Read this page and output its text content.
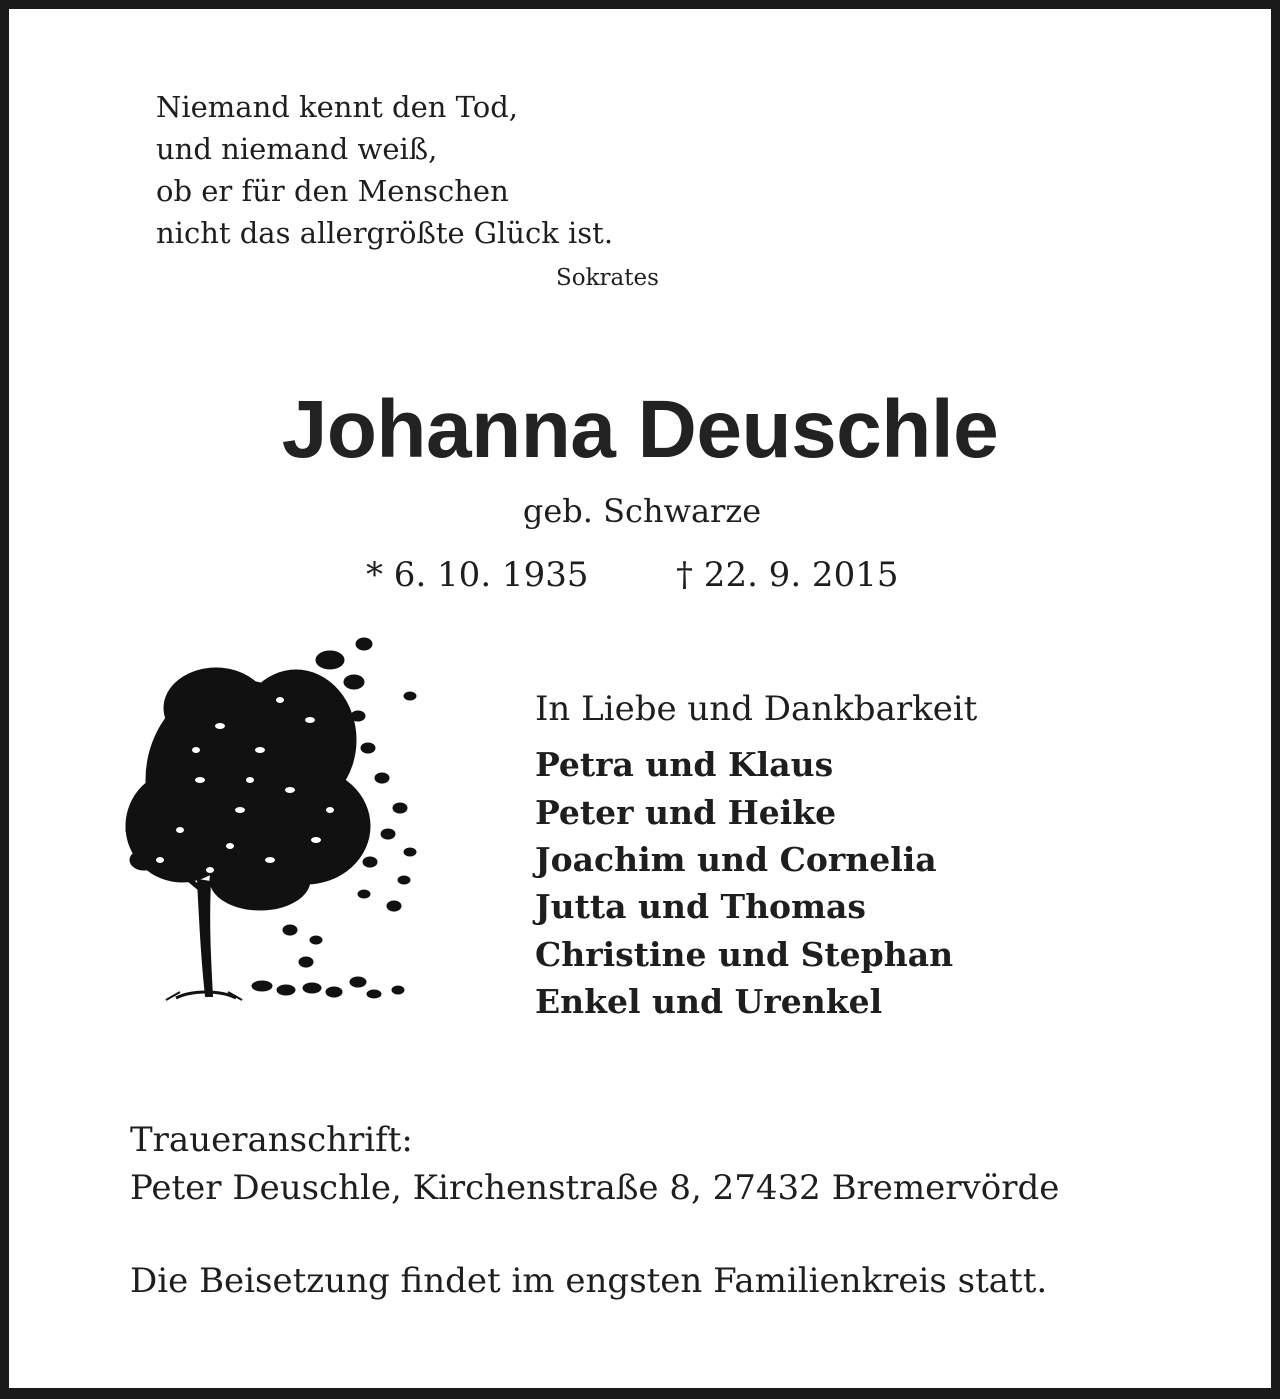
Niemand kennt den Tod,
und niemand weiß,
ob er für den Menschen
nicht das allergrößte Glück ist.
Sokrates
Johanna Deuschle
geb. Schwarze
* 6. 10. 1935	† 22. 9. 2015
In Liebe und Dankbarkeit
Petra und Klaus
Peter und Heike
Joachim und Cornelia
Jutta und Thomas
Christine und Stephan
Enkel und Urenkel
Traueranschrift:
Peter Deuschle, Kirchenstraße 8, 27432 Bremervörde
Die Beisetzung findet im engsten Familienkreis statt.
